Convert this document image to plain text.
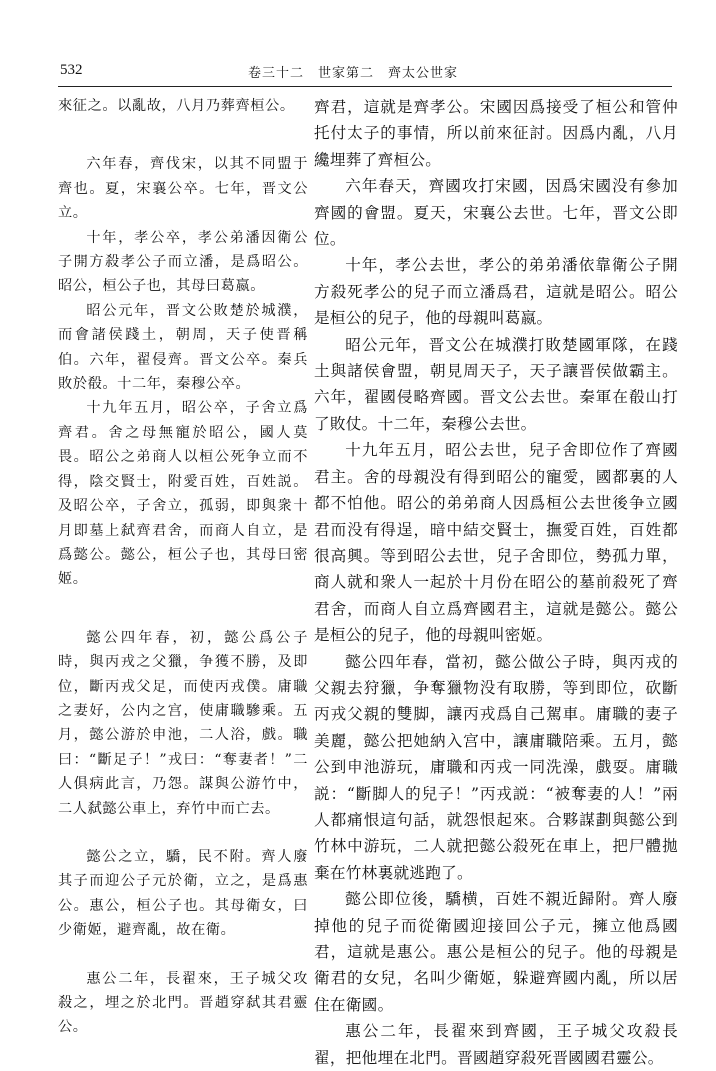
532	卷三十二　世家第二　齊太公世家

來征之。以亂故，八月乃葬齊桓公。

六年春，齊伐宋，以其不同盟于齊也。夏，宋襄公卒。七年，晋文公立。

十年，孝公卒，孝公弟潘因衛公子開方殺孝公子而立潘，是爲昭公。昭公，桓公子也，其母曰葛嬴。

昭公元年，晋文公敗楚於城濮，而會諸侯踐土，朝周，天子使晋稱伯。六年，翟侵齊。晋文公卒。秦兵敗於殽。十二年，秦穆公卒。

十九年五月，昭公卒，子舍立爲齊君。舍之母無寵於昭公，國人莫畏。昭公之弟商人以桓公死争立而不得，陰交賢士，附愛百姓，百姓説。及昭公卒，子舍立，孤弱，即與衆十月即墓上弑齊君舍，而商人自立，是爲懿公。懿公，桓公子也，其母曰密姬。

懿公四年春，初，懿公爲公子時，與丙戎之父獵，争獲不勝，及即位，斷丙戎父足，而使丙戎僕。庸職之妻好，公内之宫，使庸職驂乘。五月，懿公游於申池，二人浴，戲。職曰：“斷足子！”戎曰：“奪妻者！”二人俱病此言，乃怨。謀與公游竹中，二人弑懿公車上，弃竹中而亡去。

懿公之立，驕，民不附。齊人廢其子而迎公子元於衛，立之，是爲惠公。惠公，桓公子也。其母衛女，曰少衛姬，避齊亂，故在衛。

惠公二年，長翟來，王子城父攻殺之，埋之於北門。晋趙穿弑其君靈公。

齊君，這就是齊孝公。宋國因爲接受了桓公和管仲托付太子的事情，所以前來征討。因爲内亂，八月纔埋葬了齊桓公。

六年春天，齊國攻打宋國，因爲宋國没有參加齊國的會盟。夏天，宋襄公去世。七年，晋文公即位。

十年，孝公去世，孝公的弟弟潘依靠衛公子開方殺死孝公的兒子而立潘爲君，這就是昭公。昭公是桓公的兒子，他的母親叫葛嬴。

昭公元年，晋文公在城濮打敗楚國軍隊，在踐土與諸侯會盟，朝見周天子，天子讓晋侯做霸主。六年，翟國侵略齊國。晋文公去世。秦軍在殽山打了敗仗。十二年，秦穆公去世。

十九年五月，昭公去世，兒子舍即位作了齊國君主。舍的母親没有得到昭公的寵愛，國都裏的人都不怕他。昭公的弟弟商人因爲桓公去世後争立國君而没有得逞，暗中結交賢士，撫愛百姓，百姓都很高興。等到昭公去世，兒子舍即位，勢孤力單，商人就和衆人一起於十月份在昭公的墓前殺死了齊君舍，而商人自立爲齊國君主，這就是懿公。懿公是桓公的兒子，他的母親叫密姬。

懿公四年春，當初，懿公做公子時，與丙戎的父親去狩獵，争奪獵物没有取勝，等到即位，砍斷丙戎父親的雙脚，讓丙戎爲自己駕車。庸職的妻子美麗，懿公把她納入宫中，讓庸職陪乘。五月，懿公到申池游玩，庸職和丙戎一同洗澡，戲耍。庸職説：“斷脚人的兒子！”丙戎説：“被奪妻的人！”兩人都痛恨這句話，就怨恨起來。合夥謀劃與懿公到竹林中游玩，二人就把懿公殺死在車上，把尸體拋棄在竹林裏就逃跑了。

懿公即位後，驕横，百姓不親近歸附。齊人廢掉他的兒子而從衛國迎接回公子元，擁立他爲國君，這就是惠公。惠公是桓公的兒子。他的母親是衛君的女兒，名叫少衛姬，躲避齊國内亂，所以居住在衛國。

惠公二年，長翟來到齊國，王子城父攻殺長翟，把他埋在北門。晋國趙穿殺死晋國國君靈公。
